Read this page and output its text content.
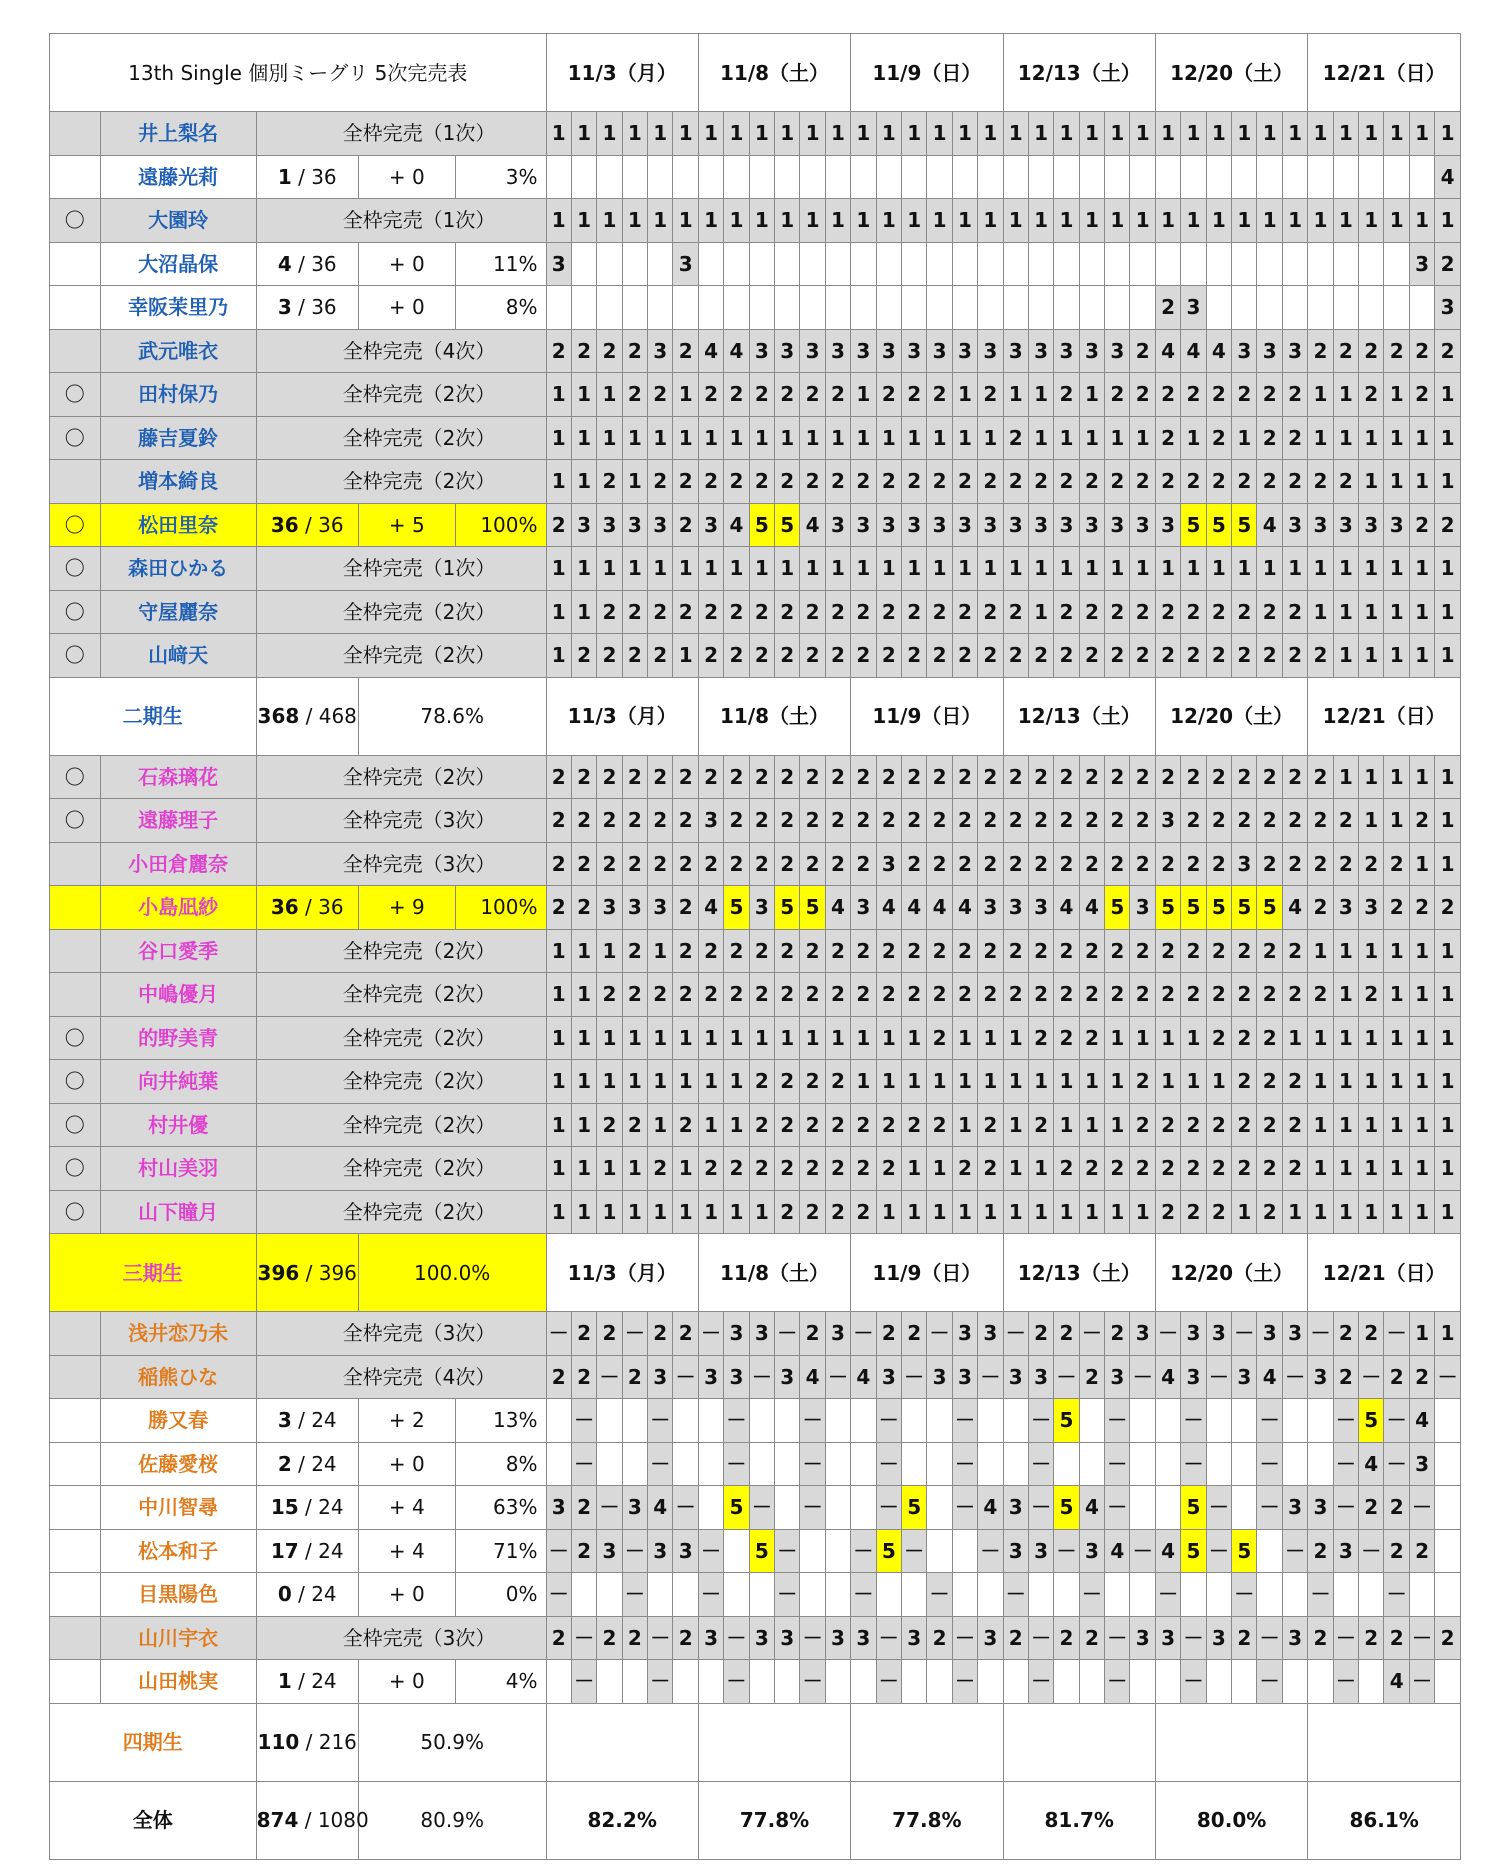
13th Single 個別ミーグリ 5次完売表					11/3（月）						11/8（土）						11/9（日）						12/13（土）						12/20（土）						12/21（日）					
	井上梨名	全枠完売（1次）			1	1	1	1	1	1	1	1	1	1	1	1	1	1	1	1	1	1	1	1	1	1	1	1	1	1	1	1	1	1	1	1	1	1	1	1
	遠藤光莉	1 / 36	+ 0	3%																																				4
〇	大園玲	全枠完売（1次）			1	1	1	1	1	1	1	1	1	1	1	1	1	1	1	1	1	1	1	1	1	1	1	1	1	1	1	1	1	1	1	1	1	1	1	1
	大沼晶保	4 / 36	+ 0	11%	3					3																													3	2
	幸阪茉里乃	3 / 36	+ 0	8%																									2	3										3
	武元唯衣	全枠完売（4次）			2	2	2	2	3	2	4	4	3	3	3	3	3	3	3	3	3	3	3	3	3	3	3	2	4	4	4	3	3	3	2	2	2	2	2	2
〇	田村保乃	全枠完売（2次）			1	1	1	2	2	1	2	2	2	2	2	2	1	2	2	2	1	2	1	1	2	1	2	2	2	2	2	2	2	2	1	1	2	1	2	1
〇	藤吉夏鈴	全枠完売（2次）			1	1	1	1	1	1	1	1	1	1	1	1	1	1	1	1	1	1	2	1	1	1	1	1	2	1	2	1	2	2	1	1	1	1	1	1
	増本綺良	全枠完売（2次）			1	1	2	1	2	2	2	2	2	2	2	2	2	2	2	2	2	2	2	2	2	2	2	2	2	2	2	2	2	2	2	2	1	1	1	1
〇	松田里奈	36 / 36	+ 5	100%	2	3	3	3	3	2	3	4	5	5	4	3	3	3	3	3	3	3	3	3	3	3	3	3	3	5	5	5	4	3	3	3	3	3	2	2
〇	森田ひかる	全枠完売（1次）			1	1	1	1	1	1	1	1	1	1	1	1	1	1	1	1	1	1	1	1	1	1	1	1	1	1	1	1	1	1	1	1	1	1	1	1
〇	守屋麗奈	全枠完売（2次）			1	1	2	2	2	2	2	2	2	2	2	2	2	2	2	2	2	2	2	1	2	2	2	2	2	2	2	2	2	2	1	1	1	1	1	1
〇	山﨑天	全枠完売（2次）			1	2	2	2	2	1	2	2	2	2	2	2	2	2	2	2	2	2	2	2	2	2	2	2	2	2	2	2	2	2	2	1	1	1	1	1
二期生		368 / 468	78.6%		11/3（月）						11/8（土）						11/9（日）						12/13（土）						12/20（土）						12/21（日）					
〇	石森璃花	全枠完売（2次）			2	2	2	2	2	2	2	2	2	2	2	2	2	2	2	2	2	2	2	2	2	2	2	2	2	2	2	2	2	2	2	1	1	1	1	1
〇	遠藤理子	全枠完売（3次）			2	2	2	2	2	2	3	2	2	2	2	2	2	2	2	2	2	2	2	2	2	2	2	2	3	2	2	2	2	2	2	2	1	1	2	1
	小田倉麗奈	全枠完売（3次）			2	2	2	2	2	2	2	2	2	2	2	2	2	3	2	2	2	2	2	2	2	2	2	2	2	2	2	3	2	2	2	2	2	2	1	1
	小島凪紗	36 / 36	+ 9	100%	2	2	3	3	3	2	4	5	3	5	5	4	3	4	4	4	4	3	3	3	4	4	5	3	5	5	5	5	5	4	2	3	3	2	2	2
	谷口愛季	全枠完売（2次）			1	1	1	2	1	2	2	2	2	2	2	2	2	2	2	2	2	2	2	2	2	2	2	2	2	2	2	2	2	2	1	1	1	1	1	1
	中嶋優月	全枠完売（2次）			1	1	2	2	2	2	2	2	2	2	2	2	2	2	2	2	2	2	2	2	2	2	2	2	2	2	2	2	2	2	2	1	2	1	1	1
〇	的野美青	全枠完売（2次）			1	1	1	1	1	1	1	1	1	1	1	1	1	1	1	2	1	1	1	2	2	2	1	1	1	1	2	2	2	1	1	1	1	1	1	1
〇	向井純葉	全枠完売（2次）			1	1	1	1	1	1	1	1	2	2	2	2	1	1	1	1	1	1	1	1	1	1	1	2	1	1	1	2	2	2	1	1	1	1	1	1
〇	村井優	全枠完売（2次）			1	1	2	2	1	2	1	1	2	2	2	2	2	2	2	2	1	2	1	2	1	1	1	2	2	2	2	2	2	2	1	1	1	1	1	1
〇	村山美羽	全枠完売（2次）			1	1	1	1	2	1	2	2	2	2	2	2	2	2	1	1	2	2	1	1	2	2	2	2	2	2	2	2	2	2	1	1	1	1	1	1
〇	山下瞳月	全枠完売（2次）			1	1	1	1	1	1	1	1	1	2	2	2	2	1	1	1	1	1	1	1	1	1	1	1	2	2	2	1	2	1	1	1	1	1	1	1
三期生		396 / 396	100.0%		11/3（月）						11/8（土）						11/9（日）						12/13（土）						12/20（土）						12/21（日）					
	浅井恋乃未	全枠完売（3次）			－	2	2	－	2	2	－	3	3	－	2	3	－	2	2	－	3	3	－	2	2	－	2	3	－	3	3	－	3	3	－	2	2	－	1	1
	稲熊ひな	全枠完売（4次）			2	2	－	2	3	－	3	3	－	3	4	－	4	3	－	3	3	－	3	3	－	2	3	－	4	3	－	3	4	－	3	2	－	2	2	－
	勝又春	3 / 24	+ 2	13%		－			－			－			－			－			－			－	5		－			－			－			－	5	－	4	
	佐藤愛桜	2 / 24	+ 0	8%		－			－			－			－			－			－			－			－			－			－			－	4	－	3	
	中川智尋	15 / 24	+ 4	63%	3	2	－	3	4	－		5	－		－			－	5		－	4	3	－	5	4	－			5	－		－	3	3	－	2	2	－	
	松本和子	17 / 24	+ 4	71%	－	2	3	－	3	3	－		5	－			－	5	－			－	3	3	－	3	4	－	4	5	－	5		－	2	3	－	2	2	
	目黒陽色	0 / 24	+ 0	0%	－			－			－			－			－			－			－			－			－			－			－			－		
	山川宇衣	全枠完売（3次）			2	－	2	2	－	2	3	－	3	3	－	3	3	－	3	2	－	3	2	－	2	2	－	3	3	－	3	2	－	3	2	－	2	2	－	2
	山田桃実	1 / 24	+ 0	4%		－			－			－			－			－			－			－			－			－			－			－		4	－	
四期生		110 / 216	50.9%																																					
全体		874 / 1080	80.9%		82.2%						77.8%						77.8%						81.7%						80.0%						86.1%					
